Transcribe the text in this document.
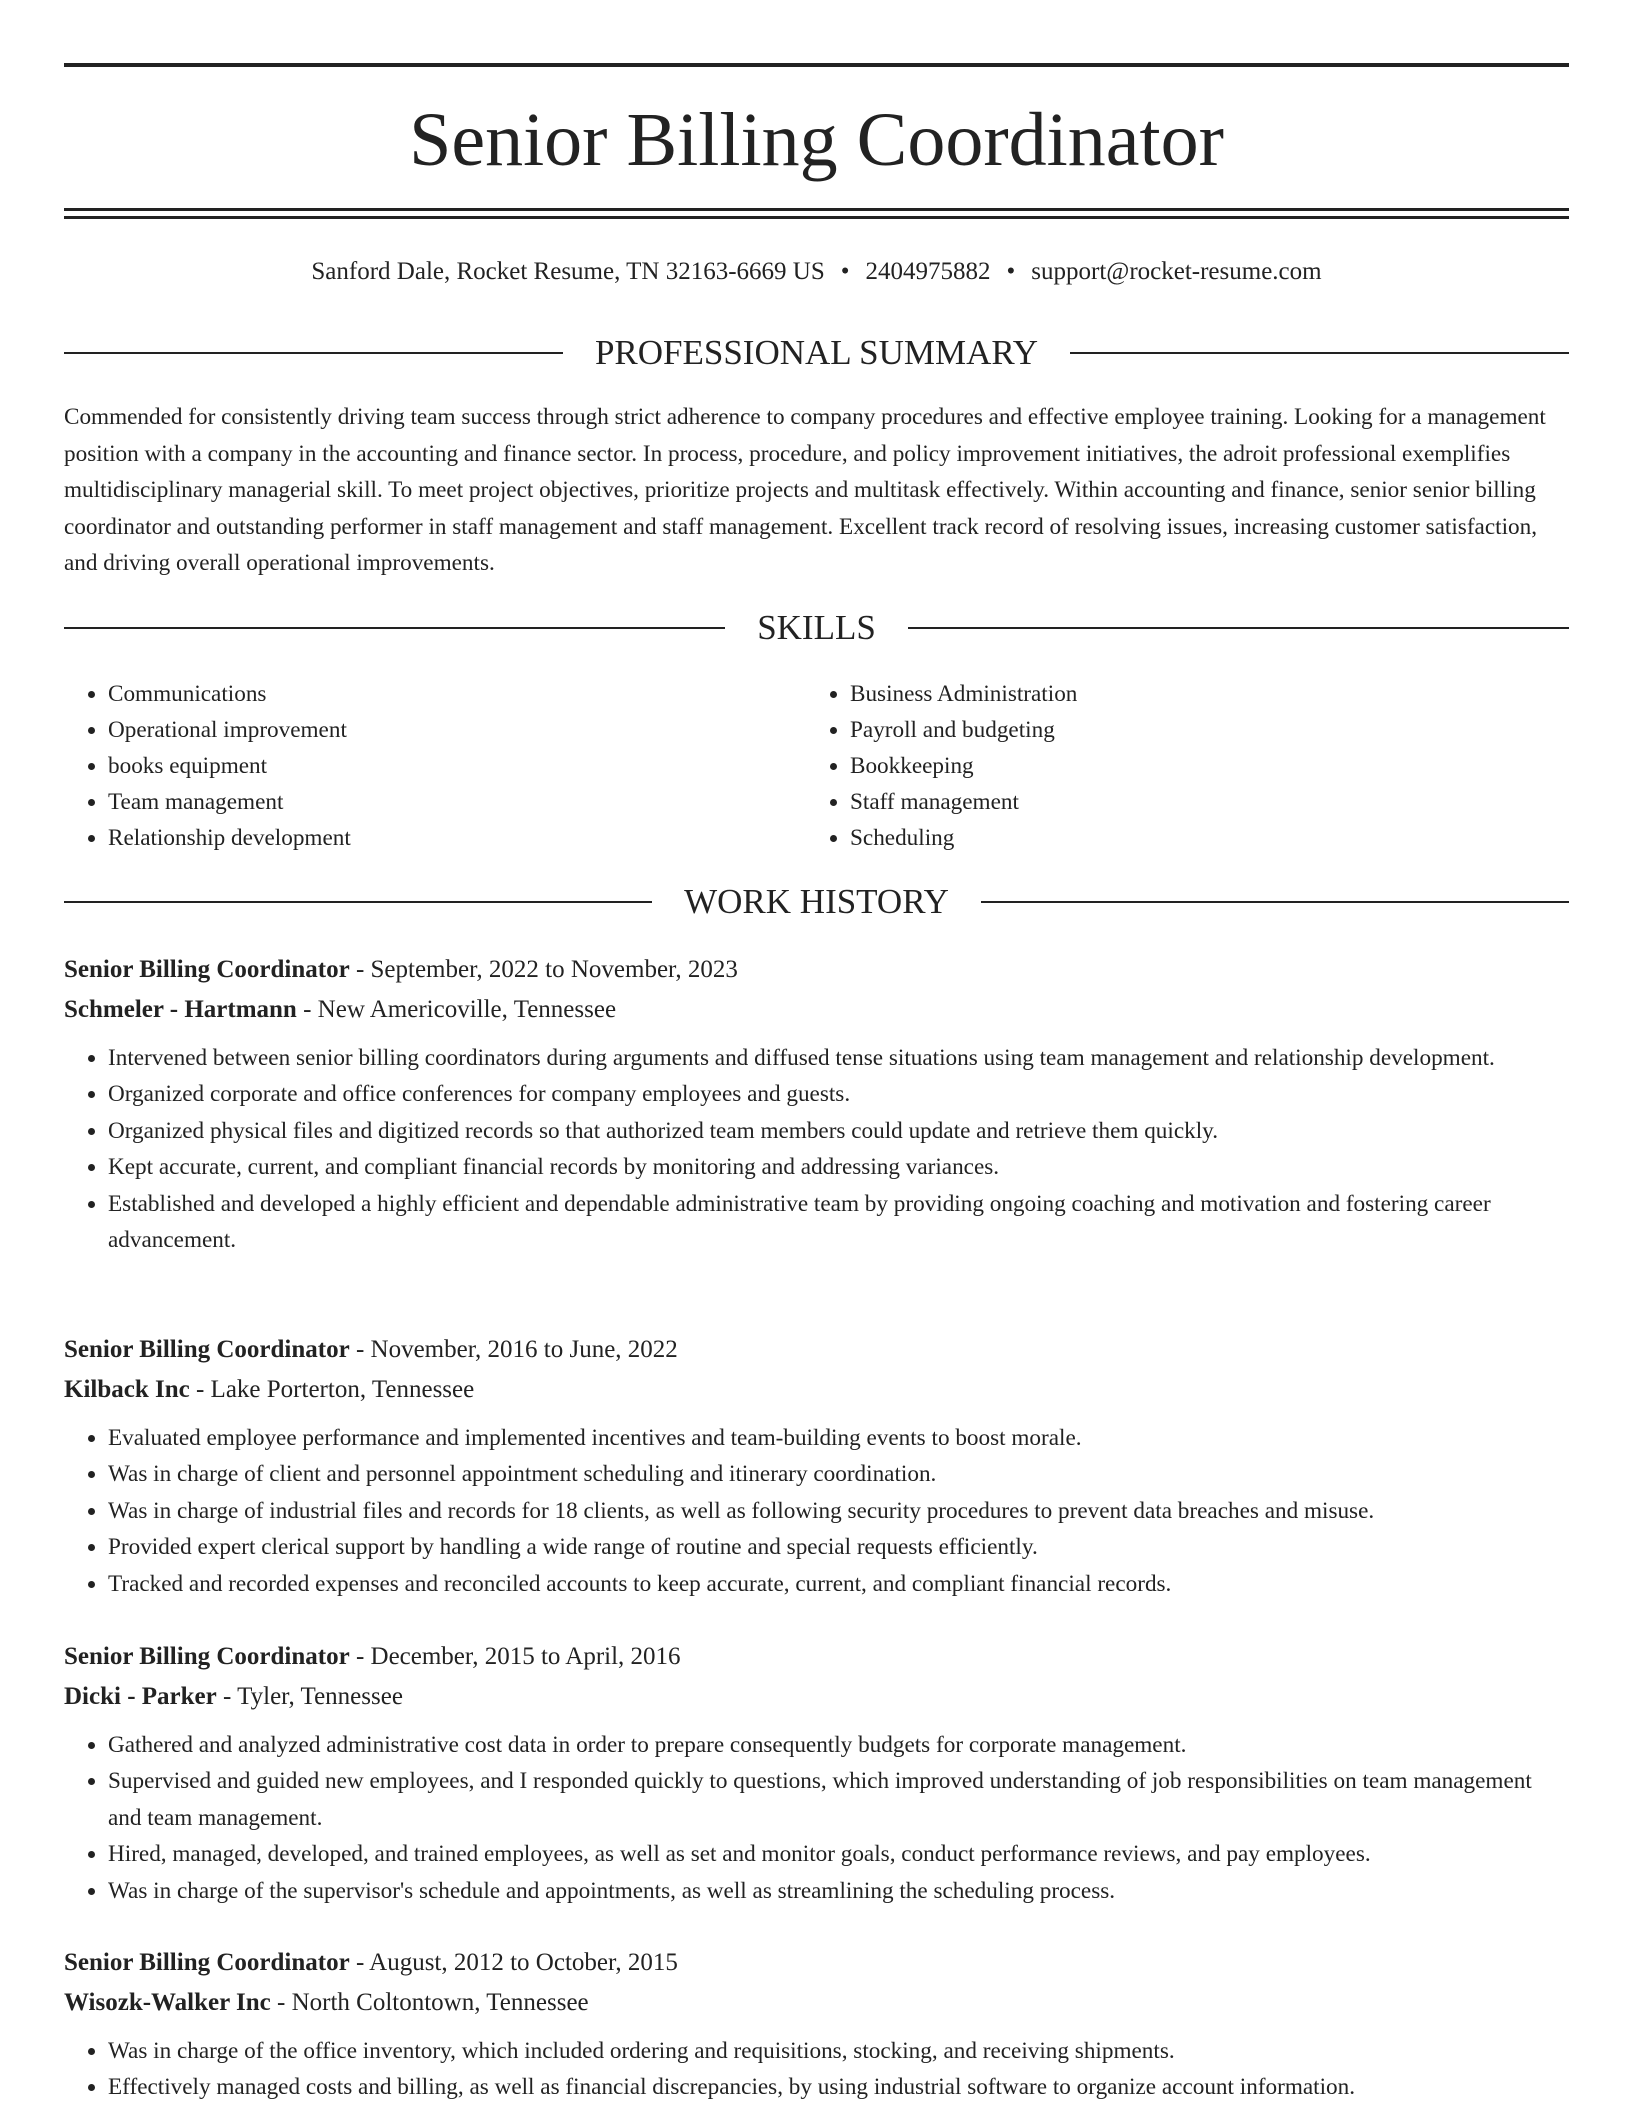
Senior Billing Coordinator
Sanford Dale, Rocket Resume, TN 32163-6669 US • 2404975882 • support@rocket-resume.com
PROFESSIONAL SUMMARY

Commended for consistently driving team success through strict adherence to company procedures and effective employee training. Looking for a management position with a company in the accounting and finance sector. In process, procedure, and policy improvement initiatives, the adroit professional exemplifies multidisciplinary managerial skill. To meet project objectives, prioritize projects and multitask effectively. Within accounting and finance, senior senior billing coordinator and outstanding performer in staff management and staff management. Excellent track record of resolving issues, increasing customer satisfaction, and driving overall operational improvements.

SKILLS
• Communications
• Operational improvement
• books equipment
• Team management
• Relationship development
• Business Administration
• Payroll and budgeting
• Bookkeeping
• Staff management
• Scheduling
WORK HISTORY
Senior Billing Coordinator - September, 2022 to November, 2023
Schmeler - Hartmann - New Americoville, Tennessee
• Intervened between senior billing coordinators during arguments and diffused tense situations using team management and relationship development.
• Organized corporate and office conferences for company employees and guests.
• Organized physical files and digitized records so that authorized team members could update and retrieve them quickly.
• Kept accurate, current, and compliant financial records by monitoring and addressing variances.
• Established and developed a highly efficient and dependable administrative team by providing ongoing coaching and motivation and fostering career advancement.
Senior Billing Coordinator - November, 2016 to June, 2022
Kilback Inc - Lake Porterton, Tennessee
• Evaluated employee performance and implemented incentives and team-building events to boost morale.
• Was in charge of client and personnel appointment scheduling and itinerary coordination.
• Was in charge of industrial files and records for 18 clients, as well as following security procedures to prevent data breaches and misuse.
• Provided expert clerical support by handling a wide range of routine and special requests efficiently.
• Tracked and recorded expenses and reconciled accounts to keep accurate, current, and compliant financial records.
Senior Billing Coordinator - December, 2015 to April, 2016
Dicki - Parker - Tyler, Tennessee
• Gathered and analyzed administrative cost data in order to prepare consequently budgets for corporate management.
• Supervised and guided new employees, and I responded quickly to questions, which improved understanding of job responsibilities on team management and team management.
• Hired, managed, developed, and trained employees, as well as set and monitor goals, conduct performance reviews, and pay employees.
• Was in charge of the supervisor's schedule and appointments, as well as streamlining the scheduling process.
Senior Billing Coordinator - August, 2012 to October, 2015
Wisozk-Walker Inc - North Coltontown, Tennessee
• Was in charge of the office inventory, which included ordering and requisitions, stocking, and receiving shipments.
• Effectively managed costs and billing, as well as financial discrepancies, by using industrial software to organize account information.
